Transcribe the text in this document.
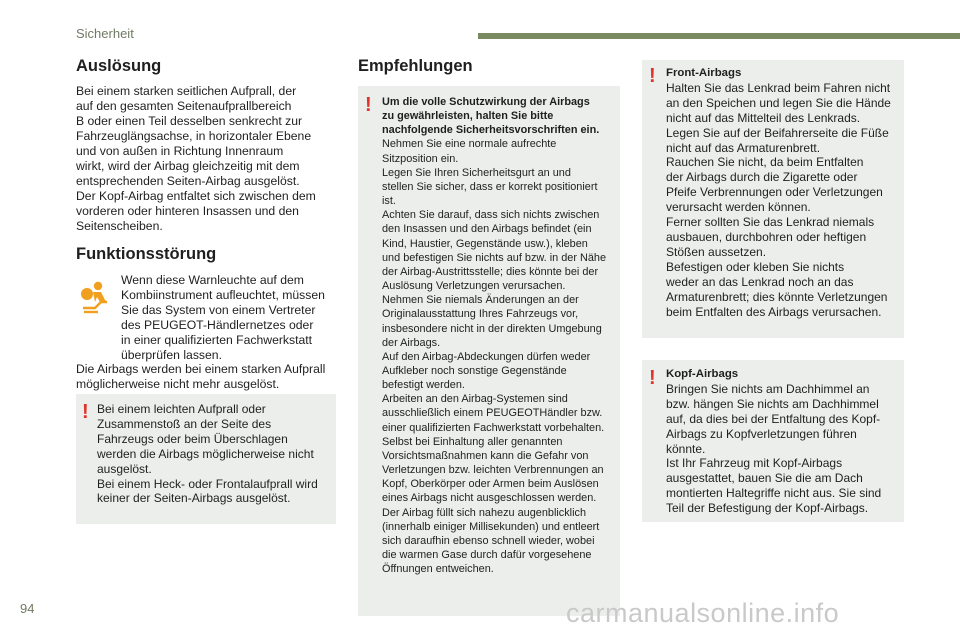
Sicherheit
Auslösung
Bei einem starken seitlichen Aufprall, der
auf den gesamten Seitenaufprallbereich
B oder einen Teil desselben senkrecht zur
Fahrzeuglängsachse, in horizontaler Ebene
und von außen in Richtung Innenraum
wirkt, wird der Airbag gleichzeitig mit dem
entsprechenden Seiten-Airbag ausgelöst.
Der Kopf-Airbag entfaltet sich zwischen dem
vorderen oder hinteren Insassen und den
Seitenscheiben.
Funktionsstörung
Wenn diese Warnleuchte auf dem
Kombiinstrument aufleuchtet, müssen
Sie das System von einem Vertreter
des PEUGEOT-Händlernetzes oder
in einer qualifizierten Fachwerkstatt
überprüfen lassen.
Die Airbags werden bei einem starken Aufprall
möglicherweise nicht mehr ausgelöst.
! Bei einem leichten Aufprall oder
Zusammenstoß an der Seite des
Fahrzeugs oder beim Überschlagen
werden die Airbags möglicherweise nicht
ausgelöst.
Bei einem Heck- oder Frontalaufprall wird
keiner der Seiten-Airbags ausgelöst.
Empfehlungen
! Um die volle Schutzwirkung der Airbags
zu gewährleisten, halten Sie bitte
nachfolgende Sicherheitsvorschriften ein.
Nehmen Sie eine normale aufrechte
Sitzposition ein.
Legen Sie Ihren Sicherheitsgurt an und
stellen Sie sicher, dass er korrekt positioniert
ist.
Achten Sie darauf, dass sich nichts zwischen
den Insassen und den Airbags befindet (ein
Kind, Haustier, Gegenstände usw.), kleben
und befestigen Sie nichts auf bzw. in der Nähe
der Airbag-Austrittsstelle; dies könnte bei der
Auslösung Verletzungen verursachen.
Nehmen Sie niemals Änderungen an der
Originalausstattung Ihres Fahrzeugs vor,
insbesondere nicht in der direkten Umgebung
der Airbags.
Auf den Airbag-Abdeckungen dürfen weder
Aufkleber noch sonstige Gegenstände
befestigt werden.
Arbeiten an den Airbag-Systemen sind
ausschließlich einem PEUGEOTHändler bzw.
einer qualifizierten Fachwerkstatt vorbehalten.
Selbst bei Einhaltung aller genannten
Vorsichtsmaßnahmen kann die Gefahr von
Verletzungen bzw. leichten Verbrennungen an
Kopf, Oberkörper oder Armen beim Auslösen
eines Airbags nicht ausgeschlossen werden.
Der Airbag füllt sich nahezu augenblicklich
(innerhalb einiger Millisekunden) und entleert
sich daraufhin ebenso schnell wieder, wobei
die warmen Gase durch dafür vorgesehene
Öffnungen entweichen.
! Front-Airbags
Halten Sie das Lenkrad beim Fahren nicht
an den Speichen und legen Sie die Hände
nicht auf das Mittelteil des Lenkrads.
Legen Sie auf der Beifahrerseite die Füße
nicht auf das Armaturenbrett.
Rauchen Sie nicht, da beim Entfalten
der Airbags durch die Zigarette oder
Pfeife Verbrennungen oder Verletzungen
verursacht werden können.
Ferner sollten Sie das Lenkrad niemals
ausbauen, durchbohren oder heftigen
Stößen aussetzen.
Befestigen oder kleben Sie nichts
weder an das Lenkrad noch an das
Armaturenbrett; dies könnte Verletzungen
beim Entfalten des Airbags verursachen.
! Kopf-Airbags
Bringen Sie nichts am Dachhimmel an
bzw. hängen Sie nichts am Dachhimmel
auf, da dies bei der Entfaltung des Kopf-
Airbags zu Kopfverletzungen führen
könnte.
Ist Ihr Fahrzeug mit Kopf-Airbags
ausgestattet, bauen Sie die am Dach
montierten Haltegriffe nicht aus. Sie sind
Teil der Befestigung der Kopf-Airbags.
94	carmanualsonline.info
